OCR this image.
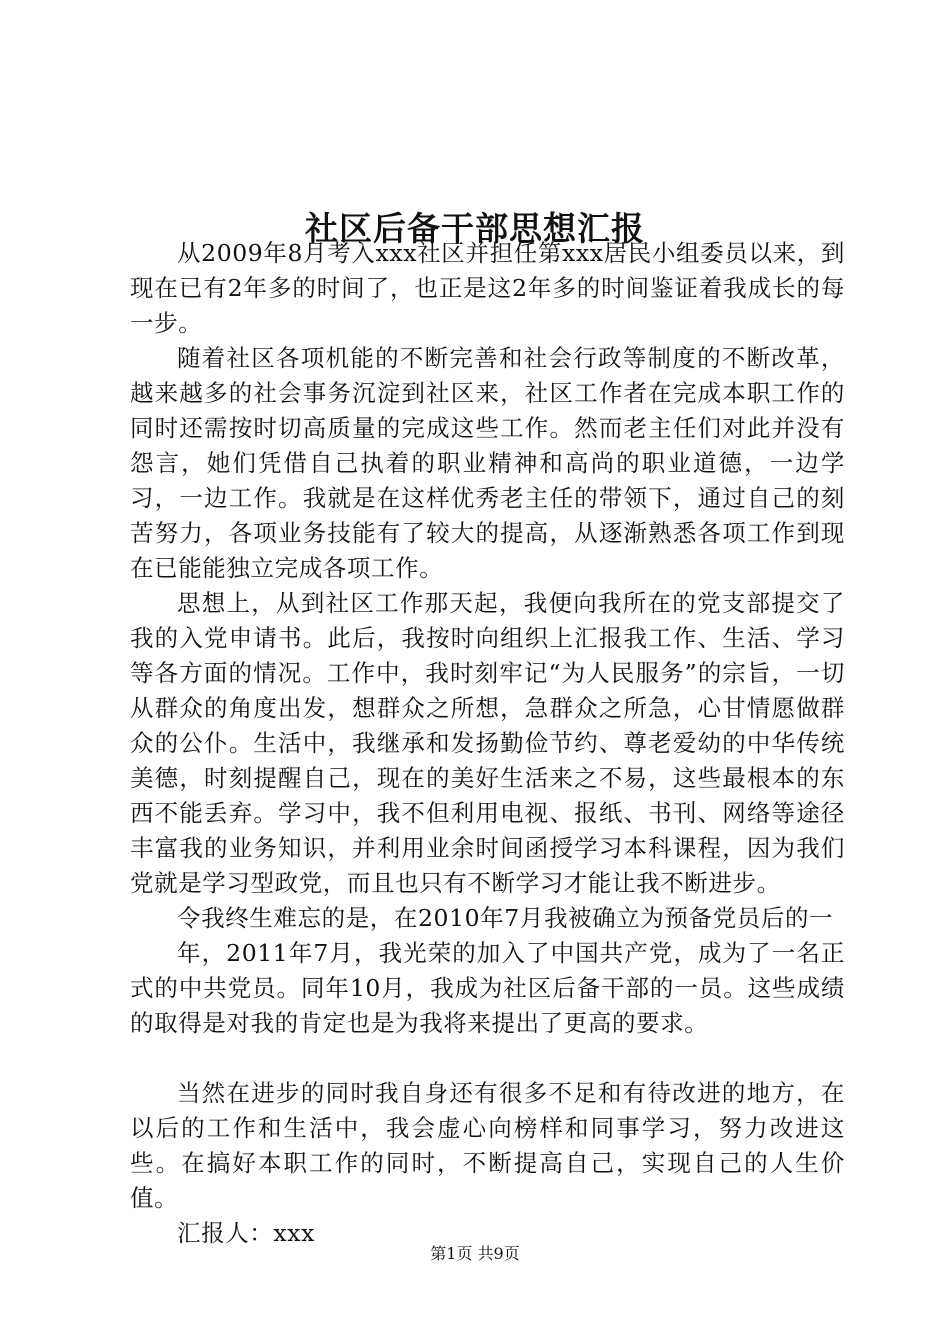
社区后备干部思想汇报

从2009年8月考入xxx社区并担任第xxx居民小组委员以来，到现在已有2年多的时间了，也正是这2年多的时间鉴证着我成长的每一步。

随着社区各项机能的不断完善和社会行政等制度的不断改革，越来越多的社会事务沉淀到社区来，社区工作者在完成本职工作的同时还需按时切高质量的完成这些工作。然而老主任们对此并没有怨言，她们凭借自己执着的职业精神和高尚的职业道德，一边学习，一边工作。我就是在这样优秀老主任的带领下，通过自己的刻苦努力，各项业务技能有了较大的提高，从逐渐熟悉各项工作到现在已能能独立完成各项工作。

思想上，从到社区工作那天起，我便向我所在的党支部提交了我的入党申请书。此后，我按时向组织上汇报我工作、生活、学习等各方面的情况。工作中，我时刻牢记“为人民服务”的宗旨，一切从群众的角度出发，想群众之所想，急群众之所急，心甘情愿做群众的公仆。生活中，我继承和发扬勤俭节约、尊老爱幼的中华传统美德，时刻提醒自己，现在的美好生活来之不易，这些最根本的东西不能丢弃。学习中，我不但利用电视、报纸、书刊、网络等途径丰富我的业务知识，并利用业余时间函授学习本科课程，因为我们党就是学习型政党，而且也只有不断学习才能让我不断进步。

令我终生难忘的是，在2010年7月我被确立为预备党员后的一

年，2011年7月，我光荣的加入了中国共产党，成为了一名正式的中共党员。同年10月，我成为社区后备干部的一员。这些成绩的取得是对我的肯定也是为我将来提出了更高的要求。

当然在进步的同时我自身还有很多不足和有待改进的地方，在以后的工作和生活中，我会虚心向榜样和同事学习，努力改进这些。在搞好本职工作的同时，不断提高自己，实现自己的人生价值。

汇报人：xxx

第1页 共9页
